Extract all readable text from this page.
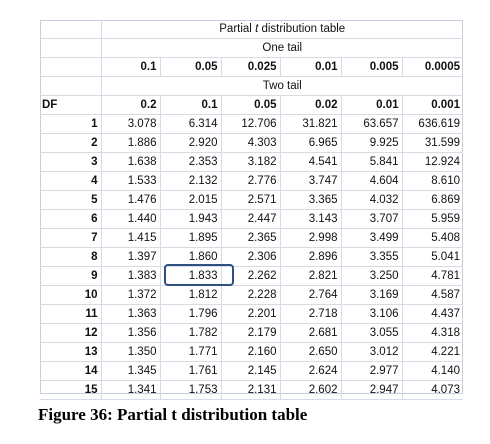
	Partial t distribution table					
	One tail					
	0.1	0.05	0.025	0.01	0.005	0.0005
	Two tail					
DF	0.2	0.1	0.05	0.02	0.01	0.001
1	3.078	6.314	12.706	31.821	63.657	636.619
2	1.886	2.920	4.303	6.965	9.925	31.599
3	1.638	2.353	3.182	4.541	5.841	12.924
4	1.533	2.132	2.776	3.747	4.604	8.610
5	1.476	2.015	2.571	3.365	4.032	6.869
6	1.440	1.943	2.447	3.143	3.707	5.959
7	1.415	1.895	2.365	2.998	3.499	5.408
8	1.397	1.860	2.306	2.896	3.355	5.041
9	1.383	1.833	2.262	2.821	3.250	4.781
10	1.372	1.812	2.228	2.764	3.169	4.587
11	1.363	1.796	2.201	2.718	3.106	4.437
12	1.356	1.782	2.179	2.681	3.055	4.318
13	1.350	1.771	2.160	2.650	3.012	4.221
14	1.345	1.761	2.145	2.624	2.977	4.140
15	1.341	1.753	2.131	2.602	2.947	4.073
Figure 36: Partial t distribution table
